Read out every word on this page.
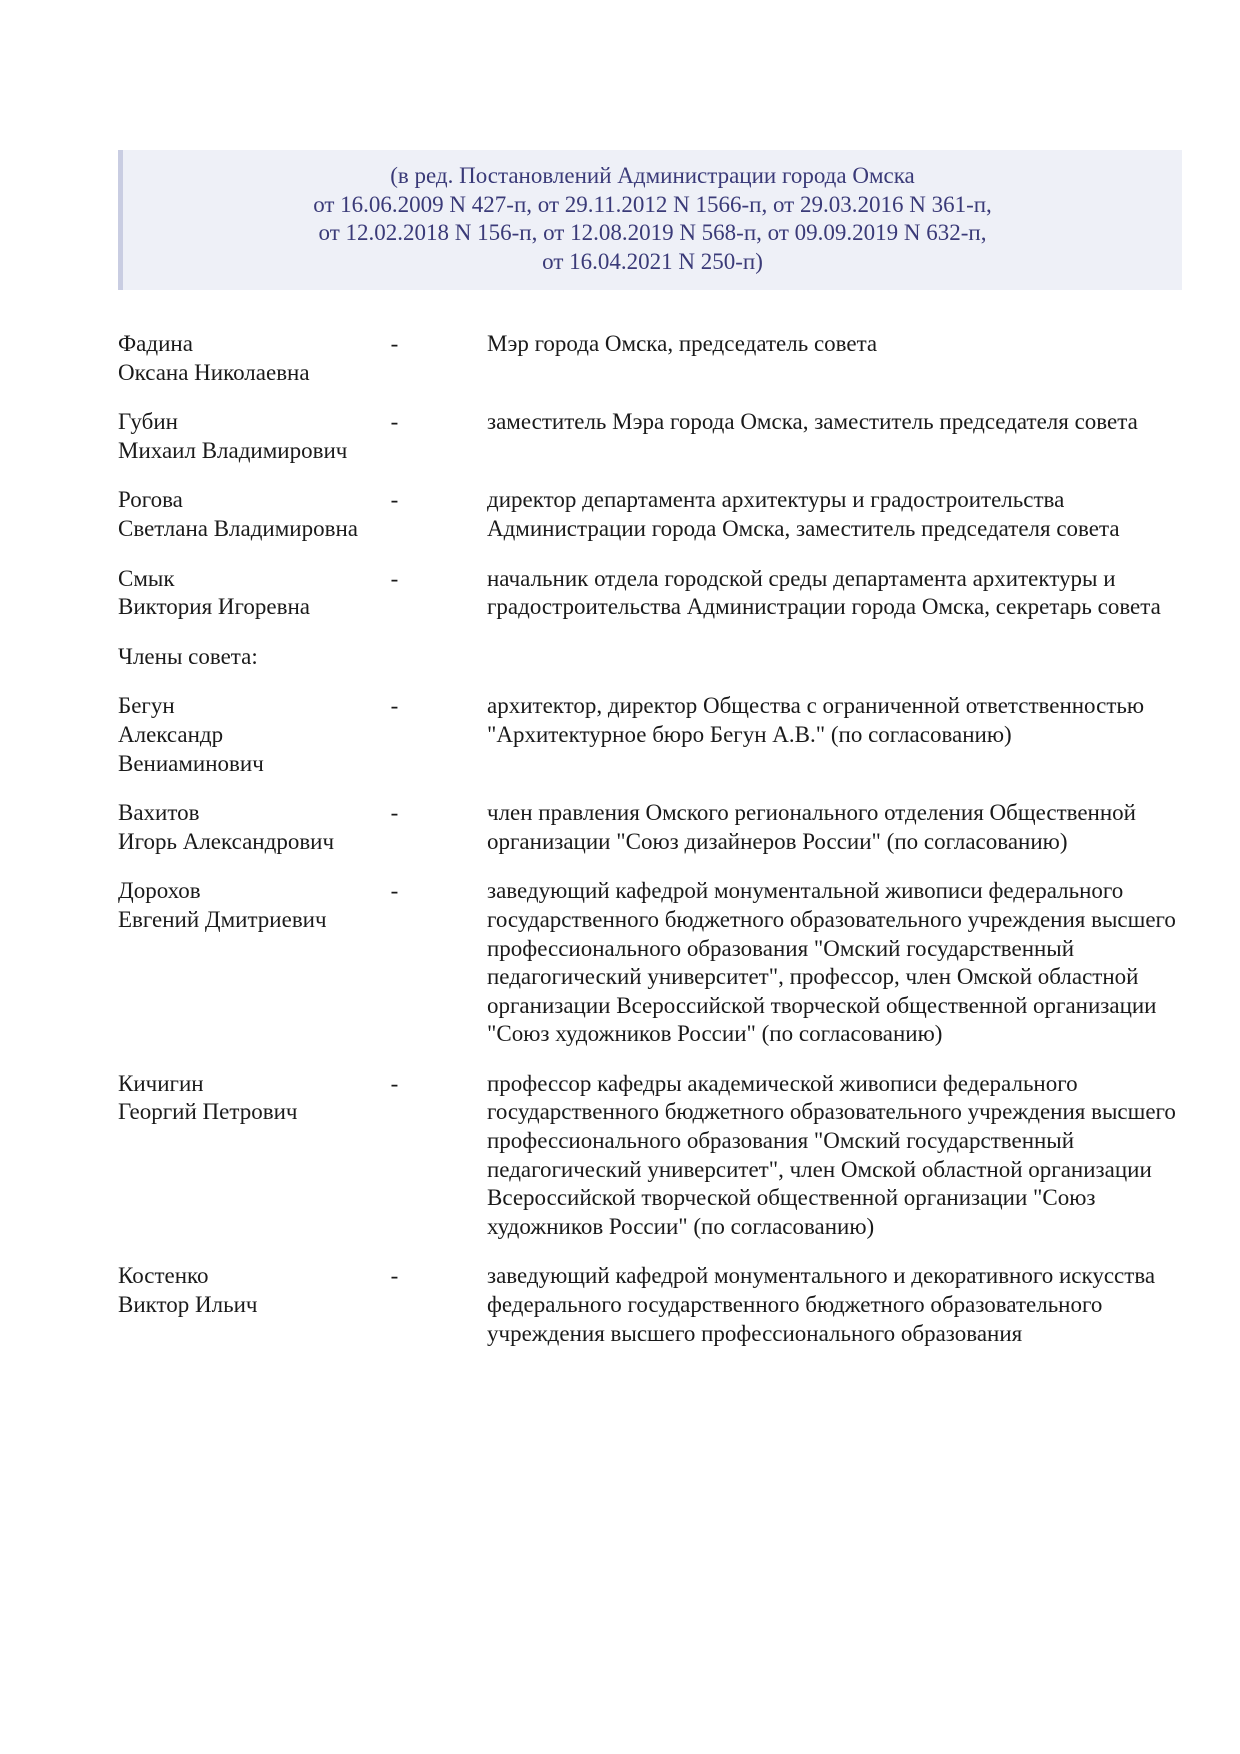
(в ред. Постановлений Администрации города Омска
от 16.06.2009 N 427-п, от 29.11.2012 N 1566-п, от 29.03.2016 N 361-п,
от 12.02.2018 N 156-п, от 12.08.2019 N 568-п, от 09.09.2019 N 632-п,
от 16.04.2021 N 250-п)
Фадина
Оксана Николаевна
-	Мэр города Омска, председатель совета
Губин
Михаил Владимирович
-	заместитель Мэра города Омска, заместитель председателя совета
Рогова
Светлана Владимировна
-	директор департамента архитектуры и градостроительства Администрации города Омска, заместитель председателя совета
Смык
Виктория Игоревна
-	начальник отдела городской среды департамента архитектуры и градостроительства Администрации города Омска, секретарь совета
Члены совета:
Бегун
Александр
Вениаминович
-	архитектор, директор Общества с ограниченной ответственностью "Архитектурное бюро Бегун А.В." (по согласованию)
Вахитов
Игорь Александрович
-	член правления Омского регионального отделения Общественной организации "Союз дизайнеров России" (по согласованию)
Дорохов
Евгений Дмитриевич
-	заведующий кафедрой монументальной живописи федерального государственного бюджетного образовательного учреждения высшего профессионального образования "Омский государственный педагогический университет", профессор, член Омской областной организации Всероссийской творческой общественной организации "Союз художников России" (по согласованию)
Кичигин
Георгий Петрович
-	профессор кафедры академической живописи федерального государственного бюджетного образовательного учреждения высшего профессионального образования "Омский государственный педагогический университет", член Омской областной организации Всероссийской творческой общественной организации "Союз художников России" (по согласованию)
Костенко
Виктор Ильич
-	заведующий кафедрой монументального и декоративного искусства федерального государственного бюджетного образовательного учреждения высшего профессионального образования
